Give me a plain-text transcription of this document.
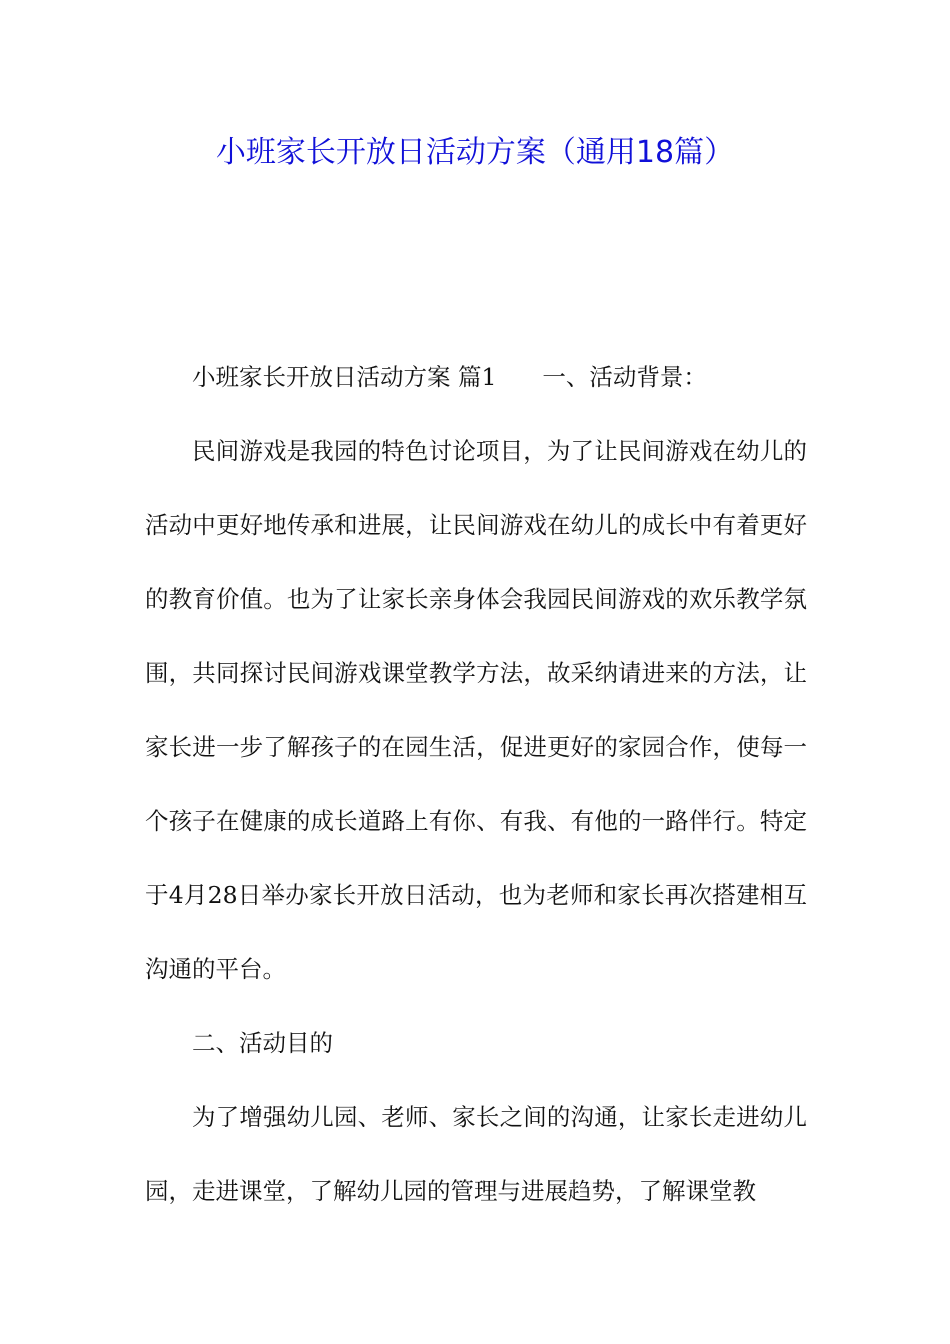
小班家长开放日活动方案（通用18篇）

小班家长开放日活动方案 篇1 一、活动背景：

民间游戏是我园的特色讨论项目，为了让民间游戏在幼儿的活动中更好地传承和进展，让民间游戏在幼儿的成长中有着更好的教育价值。也为了让家长亲身体会我园民间游戏的欢乐教学氛围，共同探讨民间游戏课堂教学方法，故采纳请进来的方法，让家长进一步了解孩子的在园生活，促进更好的家园合作，使每一个孩子在健康的成长道路上有你、有我、有他的一路伴行。特定于4月28日举办家长开放日活动，也为老师和家长再次搭建相互沟通的平台。

二、活动目的

为了增强幼儿园、老师、家长之间的沟通，让家长走进幼儿园，走进课堂，了解幼儿园的管理与进展趋势，了解课堂教
